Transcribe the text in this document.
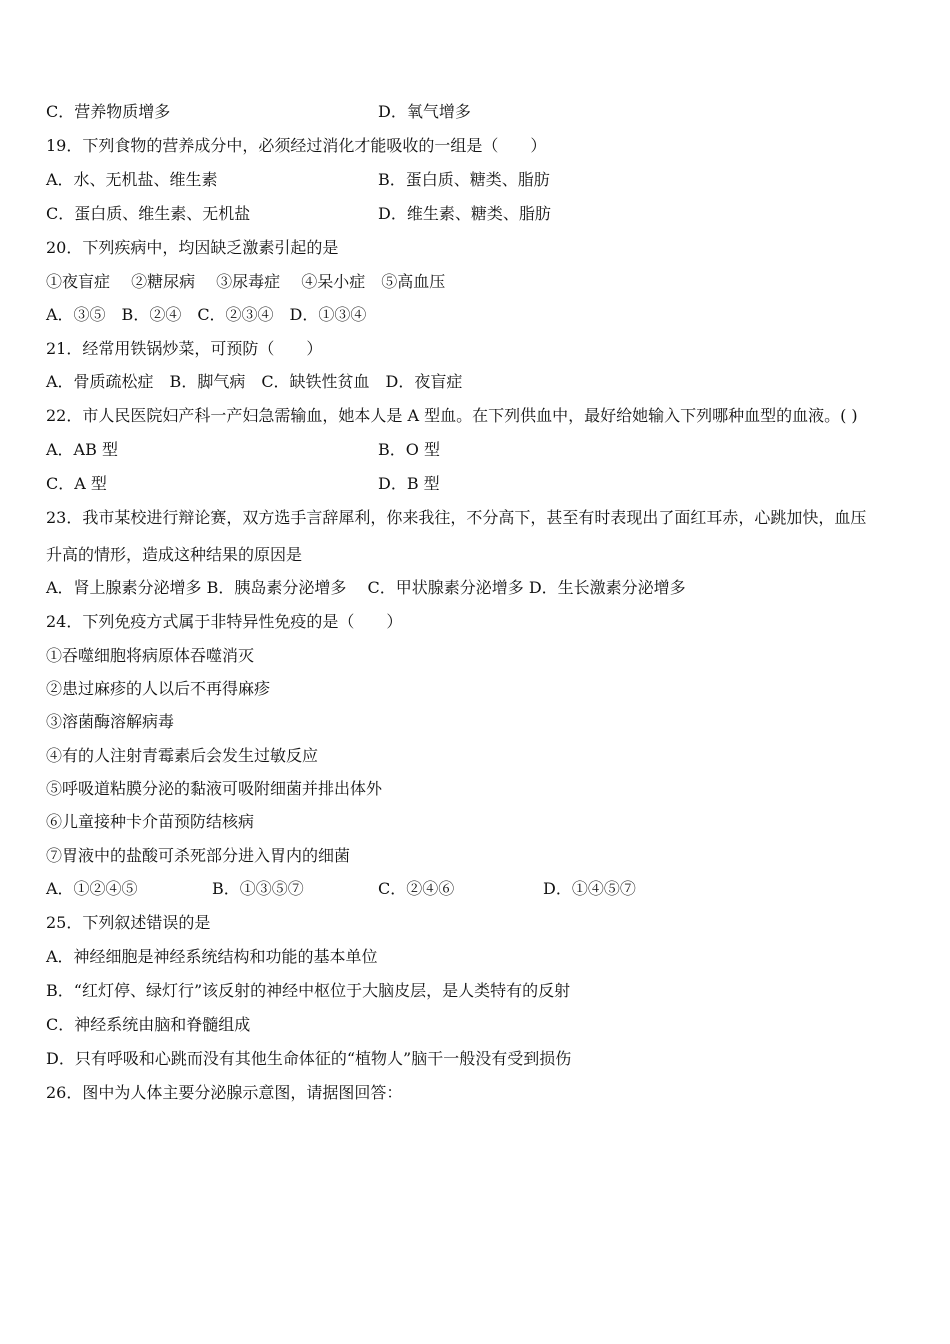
C．营养物质增多	D．氧气增多
19．下列食物的营养成分中，必须经过消化才能吸收的一组是（　　）
A．水、无机盐、维生素	B．蛋白质、糖类、脂肪
C．蛋白质、维生素、无机盐	D．维生素、糖类、脂肪
20．下列疾病中，均因缺乏激素引起的是
①夜盲症　 ②糖尿病　 ③尿毒症　 ④呆小症　⑤高血压
A．③⑤　B．②④　C．②③④　D．①③④
21．经常用铁锅炒菜，可预防（　　）
A．骨质疏松症　B．脚气病　C．缺铁性贫血　D．夜盲症
22．市人民医院妇产科一产妇急需输血，她本人是 A 型血。在下列供血中，最好给她输入下列哪种血型的血液。( )
A．AB 型	B．O 型
C．A 型	D．B 型
23．我市某校进行辩论赛，双方选手言辞犀利，你来我往，不分高下，甚至有时表现出了面红耳赤，心跳加快，血压
升高的情形，造成这种结果的原因是
A．肾上腺素分泌增多 B．胰岛素分泌增多　 C．甲状腺素分泌增多 D．生长激素分泌增多
24．下列免疫方式属于非特异性免疫的是（　　）
①吞噬细胞将病原体吞噬消灭
②患过麻疹的人以后不再得麻疹
③溶菌酶溶解病毒
④有的人注射青霉素后会发生过敏反应
⑤呼吸道粘膜分泌的黏液可吸附细菌并排出体外
⑥儿童接种卡介苗预防结核病
⑦胃液中的盐酸可杀死部分进入胃内的细菌
A．①②④⑤	B．①③⑤⑦	C．②④⑥	D．①④⑤⑦
25．下列叙述错误的是
A．神经细胞是神经系统结构和功能的基本单位
B．“红灯停、绿灯行”该反射的神经中枢位于大脑皮层，是人类特有的反射
C．神经系统由脑和脊髓组成
D．只有呼吸和心跳而没有其他生命体征的“植物人”脑干一般没有受到损伤
26．图中为人体主要分泌腺示意图，请据图回答：
